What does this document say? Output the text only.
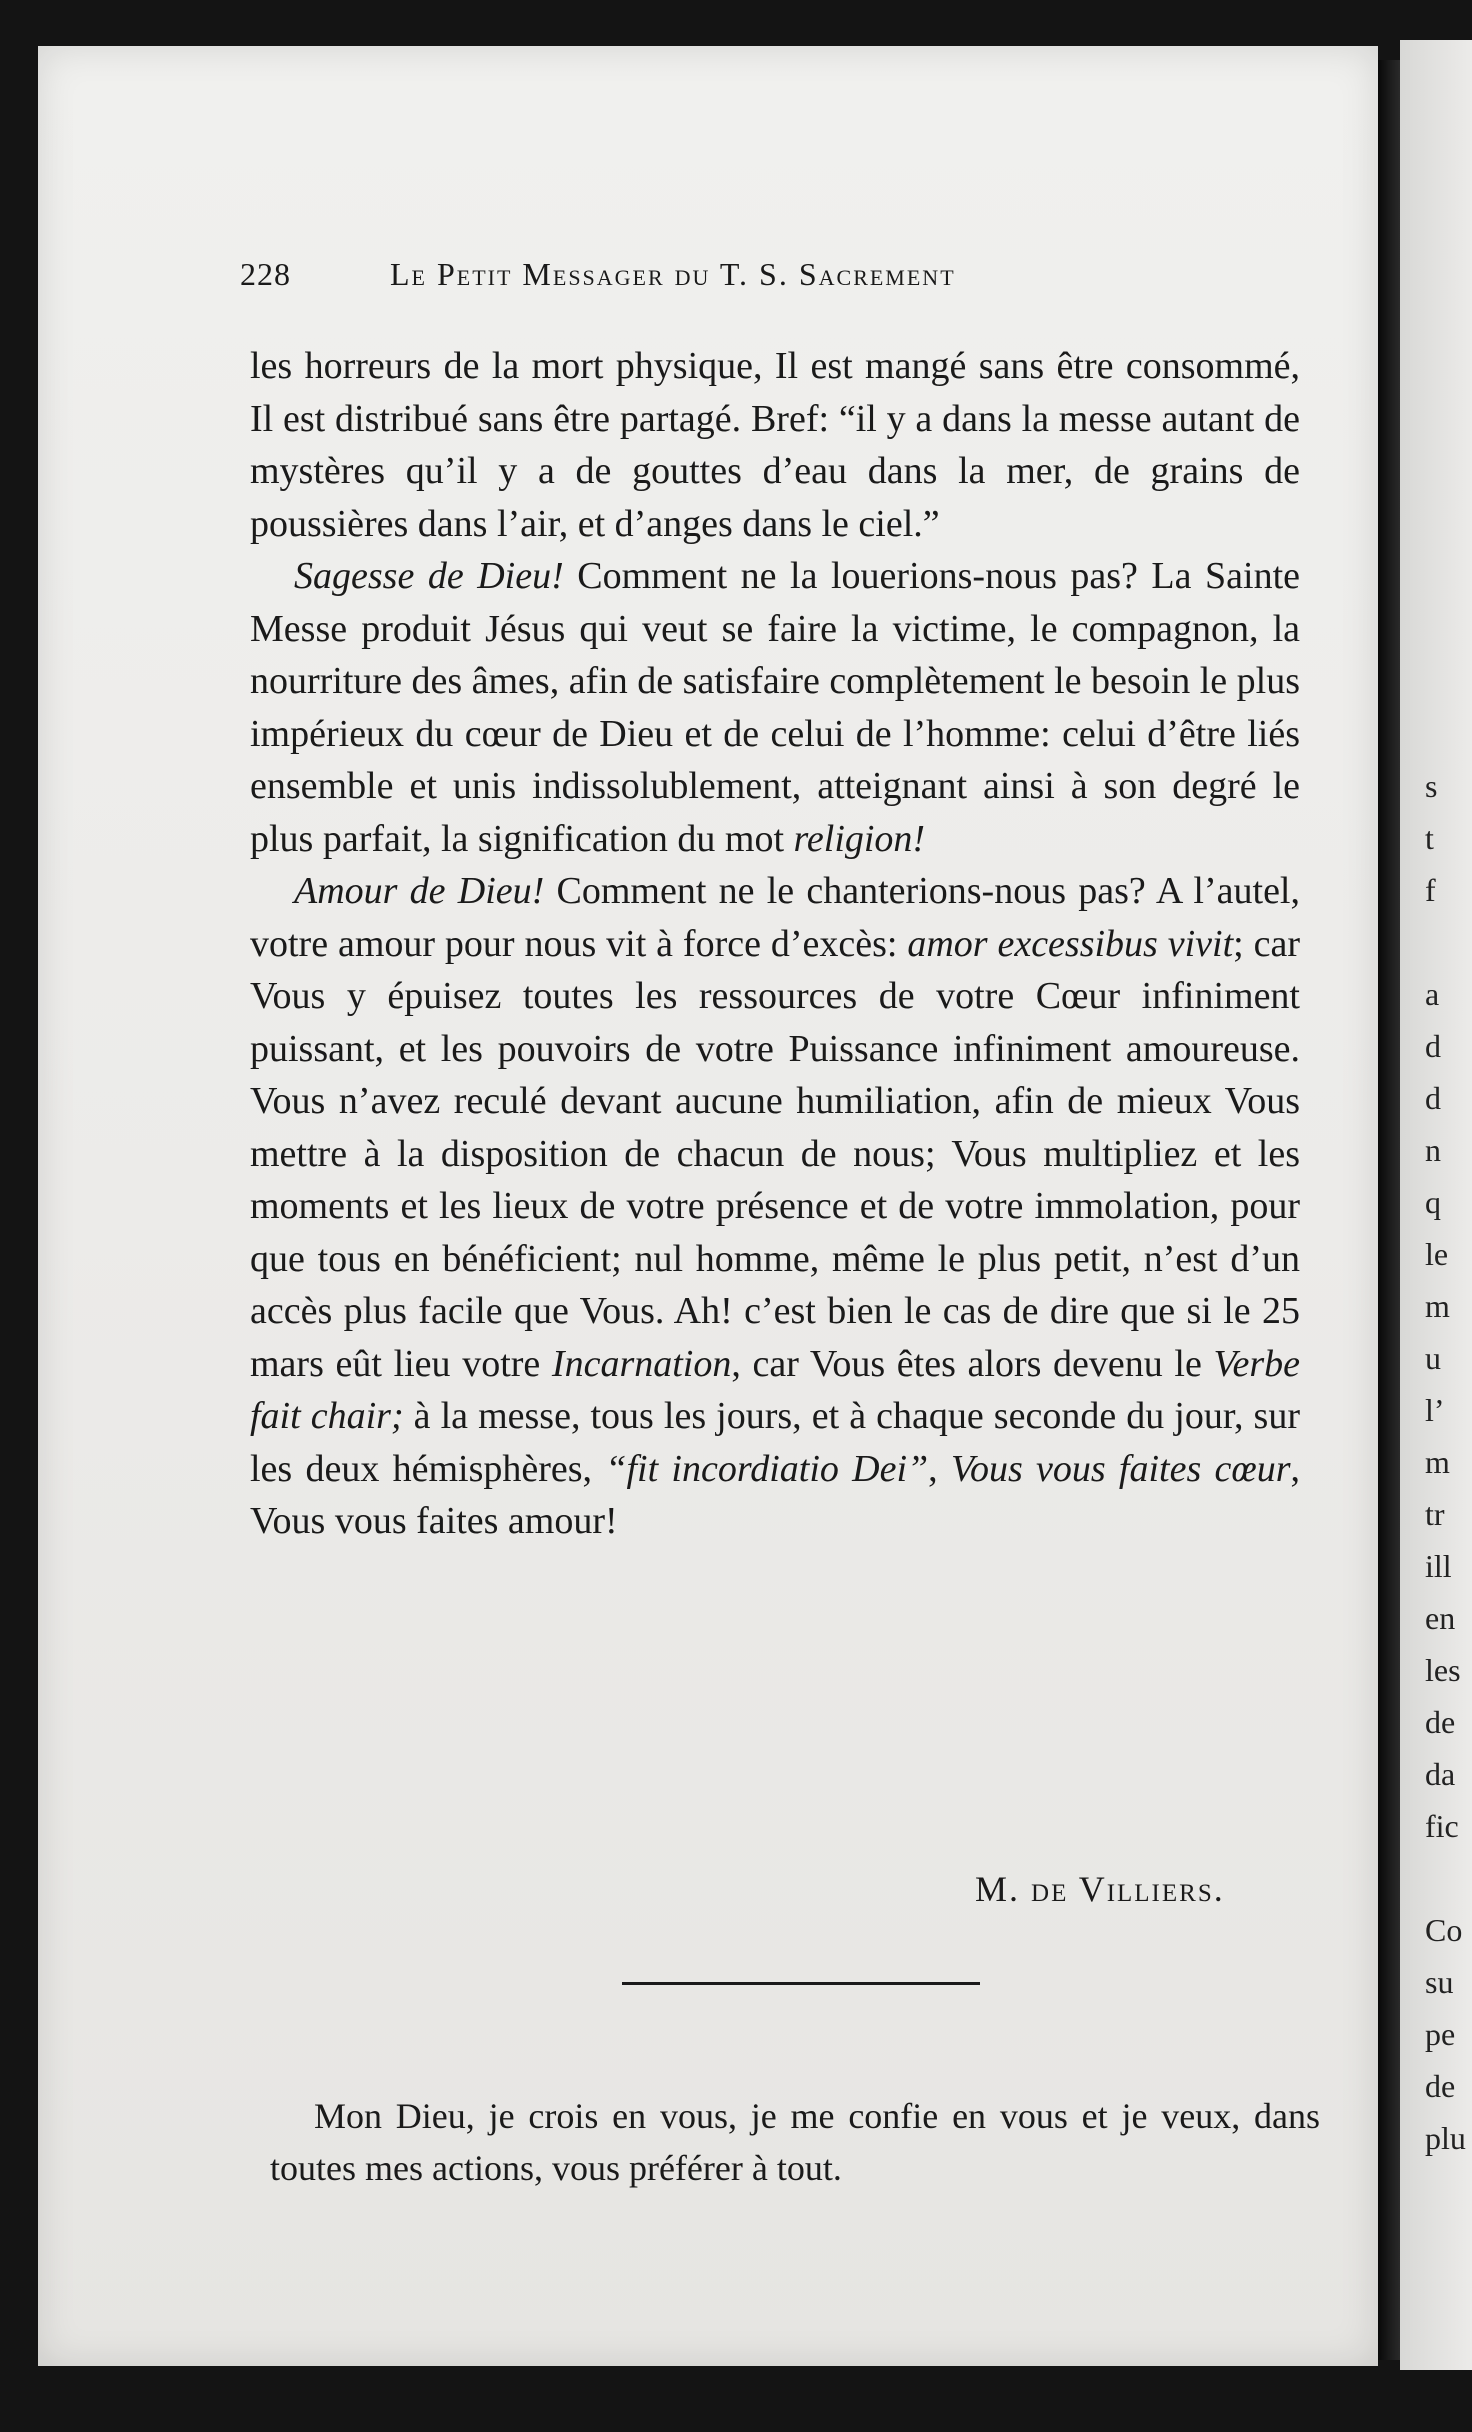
228	Le Petit Messager du T. S. Sacrement

les horreurs de la mort physique, Il est mangé sans être consommé, Il est distribué sans être partagé. Bref: “il y a dans la messe autant de mystères qu’il y a de gouttes d’eau dans la mer, de grains de poussières dans l’air, et d’anges dans le ciel.”

Sagesse de Dieu! Comment ne la louerions-nous pas? La Sainte Messe produit Jésus qui veut se faire la victime, le compagnon, la nourriture des âmes, afin de satisfaire complètement le besoin le plus impérieux du cœur de Dieu et de celui de l’homme: celui d’être liés ensemble et unis indissolublement, atteignant ainsi à son degré le plus parfait, la signification du mot religion!

Amour de Dieu! Comment ne le chanterions-nous pas? A l’autel, votre amour pour nous vit à force d’excès: amor excessibus vivit; car Vous y épuisez toutes les ressources de votre Cœur infiniment puissant, et les pouvoirs de votre Puissance infiniment amoureuse. Vous n’avez reculé devant aucune humiliation, afin de mieux Vous mettre à la disposition de chacun de nous; Vous multipliez et les moments et les lieux de votre présence et de votre immolation, pour que tous en bénéficient; nul homme, même le plus petit, n’est d’un accès plus facile que Vous. Ah! c’est bien le cas de dire que si le 25 mars eût lieu votre Incarnation, car Vous êtes alors devenu le Verbe fait chair; à la messe, tous les jours, et à chaque seconde du jour, sur les deux hémisphères, “fit incordiatio Dei”, Vous vous faites cœur, Vous vous faites amour!

M. de Villiers.

Mon Dieu, je crois en vous, je me confie en vous et je veux, dans toutes mes actions, vous préférer à tout.

s
t
f
a
d
d
n
q
le
m
u
l’
m
tr
ill
en
les
de
da
fic
Co
su
pe
de
plu
